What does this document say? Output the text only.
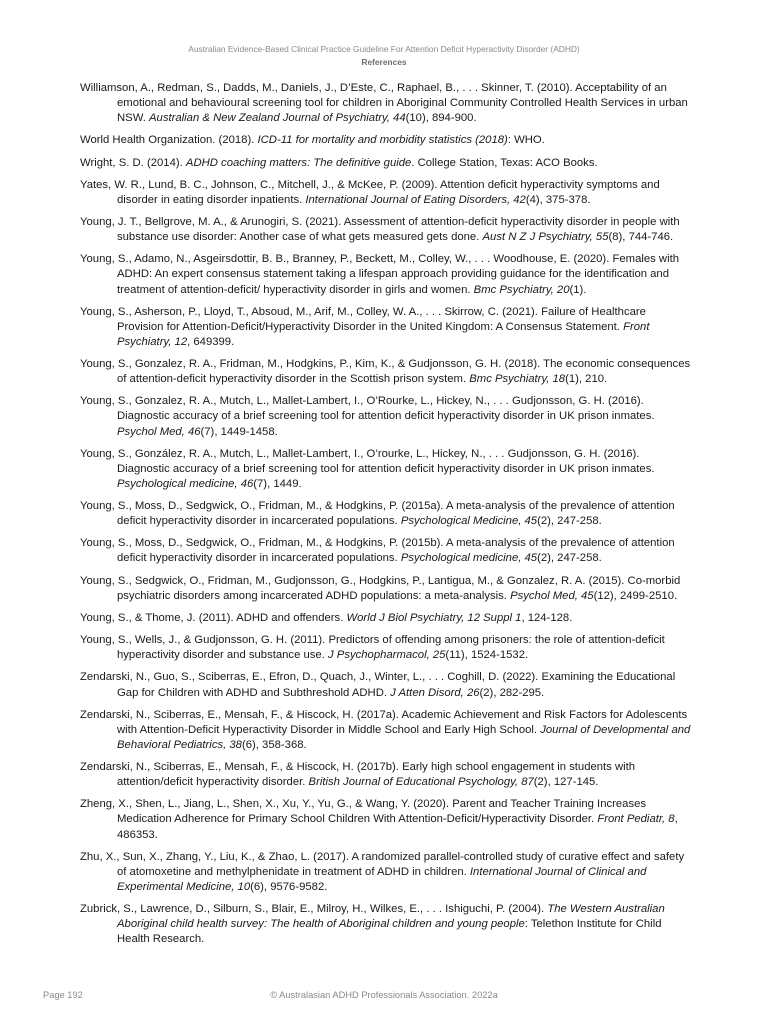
Australian Evidence-Based Clinical Practice Guideline For Attention Deficit Hyperactivity Disorder (ADHD)
References

Williamson, A., Redman, S., Dadds, M., Daniels, J., D’Este, C., Raphael, B., . . . Skinner, T. (2010). Acceptability of an emotional and behavioural screening tool for children in Aboriginal Community Controlled Health Services in urban NSW. Australian & New Zealand Journal of Psychiatry, 44(10), 894-900.

World Health Organization. (2018). ICD-11 for mortality and morbidity statistics (2018): WHO.

Wright, S. D. (2014). ADHD coaching matters: The definitive guide. College Station, Texas: ACO Books.

Yates, W. R., Lund, B. C., Johnson, C., Mitchell, J., & McKee, P. (2009). Attention deficit hyperactivity symptoms and disorder in eating disorder inpatients. International Journal of Eating Disorders, 42(4), 375-378.

Young, J. T., Bellgrove, M. A., & Arunogiri, S. (2021). Assessment of attention-deficit hyperactivity disorder in people with substance use disorder: Another case of what gets measured gets done. Aust N Z J Psychiatry, 55(8), 744-746.

Young, S., Adamo, N., Asgeirsdottir, B. B., Branney, P., Beckett, M., Colley, W., . . . Woodhouse, E. (2020). Females with ADHD: An expert consensus statement taking a lifespan approach providing guidance for the identification and treatment of attention-deficit/ hyperactivity disorder in girls and women. Bmc Psychiatry, 20(1).

Young, S., Asherson, P., Lloyd, T., Absoud, M., Arif, M., Colley, W. A., . . . Skirrow, C. (2021). Failure of Healthcare Provision for Attention-Deficit/Hyperactivity Disorder in the United Kingdom: A Consensus Statement. Front Psychiatry, 12, 649399.

Young, S., Gonzalez, R. A., Fridman, M., Hodgkins, P., Kim, K., & Gudjonsson, G. H. (2018). The economic consequences of attention-deficit hyperactivity disorder in the Scottish prison system. Bmc Psychiatry, 18(1), 210.

Young, S., Gonzalez, R. A., Mutch, L., Mallet-Lambert, I., O’Rourke, L., Hickey, N., . . . Gudjonsson, G. H. (2016). Diagnostic accuracy of a brief screening tool for attention deficit hyperactivity disorder in UK prison inmates. Psychol Med, 46(7), 1449-1458.

Young, S., González, R. A., Mutch, L., Mallet-Lambert, I., O’rourke, L., Hickey, N., . . . Gudjonsson, G. H. (2016). Diagnostic accuracy of a brief screening tool for attention deficit hyperactivity disorder in UK prison inmates. Psychological medicine, 46(7), 1449.

Young, S., Moss, D., Sedgwick, O., Fridman, M., & Hodgkins, P. (2015a). A meta-analysis of the prevalence of attention deficit hyperactivity disorder in incarcerated populations. Psychological Medicine, 45(2), 247-258.

Young, S., Moss, D., Sedgwick, O., Fridman, M., & Hodgkins, P. (2015b). A meta-analysis of the prevalence of attention deficit hyperactivity disorder in incarcerated populations. Psychological medicine, 45(2), 247-258.

Young, S., Sedgwick, O., Fridman, M., Gudjonsson, G., Hodgkins, P., Lantigua, M., & Gonzalez, R. A. (2015). Co-morbid psychiatric disorders among incarcerated ADHD populations: a meta-analysis. Psychol Med, 45(12), 2499-2510.

Young, S., & Thome, J. (2011). ADHD and offenders. World J Biol Psychiatry, 12 Suppl 1, 124-128.

Young, S., Wells, J., & Gudjonsson, G. H. (2011). Predictors of offending among prisoners: the role of attention-deficit hyperactivity disorder and substance use. J Psychopharmacol, 25(11), 1524-1532.

Zendarski, N., Guo, S., Sciberras, E., Efron, D., Quach, J., Winter, L., . . . Coghill, D. (2022). Examining the Educational Gap for Children with ADHD and Subthreshold ADHD. J Atten Disord, 26(2), 282-295.

Zendarski, N., Sciberras, E., Mensah, F., & Hiscock, H. (2017a). Academic Achievement and Risk Factors for Adolescents with Attention-Deficit Hyperactivity Disorder in Middle School and Early High School. Journal of Developmental and Behavioral Pediatrics, 38(6), 358-368.

Zendarski, N., Sciberras, E., Mensah, F., & Hiscock, H. (2017b). Early high school engagement in students with attention/deficit hyperactivity disorder. British Journal of Educational Psychology, 87(2), 127-145.

Zheng, X., Shen, L., Jiang, L., Shen, X., Xu, Y., Yu, G., & Wang, Y. (2020). Parent and Teacher Training Increases Medication Adherence for Primary School Children With Attention-Deficit/Hyperactivity Disorder. Front Pediatr, 8, 486353.

Zhu, X., Sun, X., Zhang, Y., Liu, K., & Zhao, L. (2017). A randomized parallel-controlled study of curative effect and safety of atomoxetine and methylphenidate in treatment of ADHD in children. International Journal of Clinical and Experimental Medicine, 10(6), 9576-9582.

Zubrick, S., Lawrence, D., Silburn, S., Blair, E., Milroy, H., Wilkes, E., . . . Ishiguchi, P. (2004). The Western Australian Aboriginal child health survey: The health of Aboriginal children and young people: Telethon Institute for Child Health Research.

Page 192	© Australasian ADHD Professionals Association. 2022a
